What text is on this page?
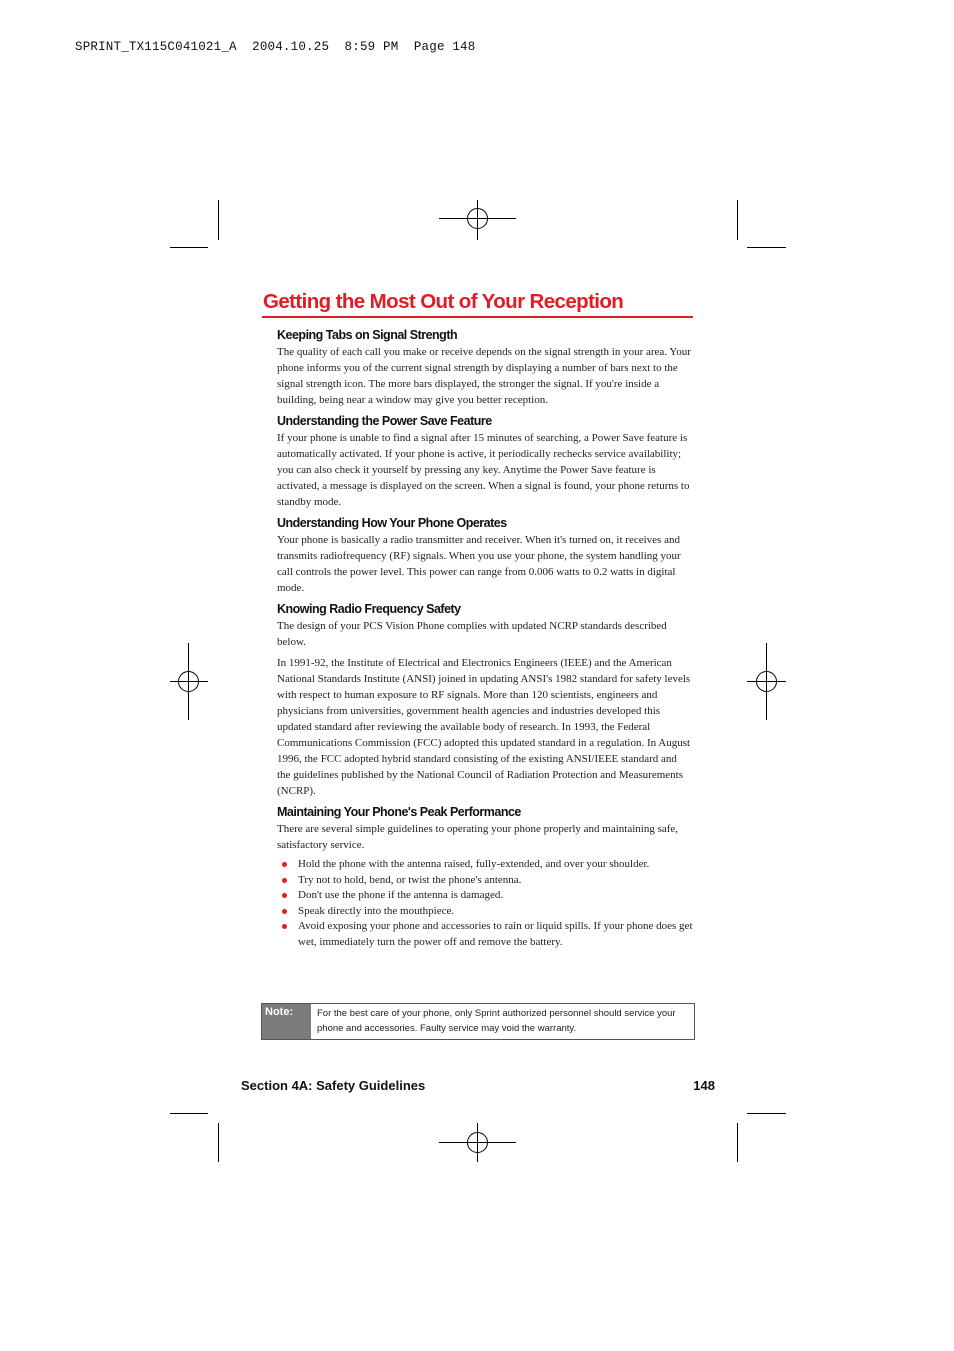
SPRINT_TX115C041021_A  2004.10.25  8:59 PM  Page 148
Getting the Most Out of Your Reception
Keeping Tabs on Signal Strength

The quality of each call you make or receive depends on the signal strength in your area. Your phone informs you of the current signal strength by displaying a number of bars next to the signal strength icon. The more bars displayed, the stronger the signal. If you're inside a building, being near a window may give you better reception.

Understanding the Power Save Feature

If your phone is unable to find a signal after 15 minutes of searching, a Power Save feature is automatically activated. If your phone is active, it periodically rechecks service availability; you can also check it yourself by pressing any key. Anytime the Power Save feature is activated, a message is displayed on the screen. When a signal is found, your phone returns to standby mode.

Understanding How Your Phone Operates

Your phone is basically a radio transmitter and receiver. When it's turned on, it receives and transmits radiofrequency (RF) signals. When you use your phone, the system handling your call controls the power level. This power can range from 0.006 watts to 0.2 watts in digital mode.

Knowing Radio Frequency Safety

The design of your PCS Vision Phone complies with updated NCRP standards described below.

In 1991-92, the Institute of Electrical and Electronics Engineers (IEEE) and the American National Standards Institute (ANSI) joined in updating ANSI's 1982 standard for safety levels with respect to human exposure to RF signals. More than 120 scientists, engineers and physicians from universities, government health agencies and industries developed this updated standard after reviewing the available body of research. In 1993, the Federal Communications Commission (FCC) adopted this updated standard in a regulation. In August 1996, the FCC adopted hybrid standard consisting of the existing ANSI/IEEE standard and the guidelines published by the National Council of Radiation Protection and Measurements (NCRP).

Maintaining Your Phone's Peak Performance

There are several simple guidelines to operating your phone properly and maintaining safe, satisfactory service.

Hold the phone with the antenna raised, fully-extended, and over your shoulder.
Try not to hold, bend, or twist the phone's antenna.
Don't use the phone if the antenna is damaged.
Speak directly into the mouthpiece.
Avoid exposing your phone and accessories to rain or liquid spills. If your phone does get wet, immediately turn the power off and remove the battery.
Note:	For the best care of your phone, only Sprint authorized personnel should service your phone and accessories. Faulty service may void the warranty.
Section 4A: Safety Guidelines	148
